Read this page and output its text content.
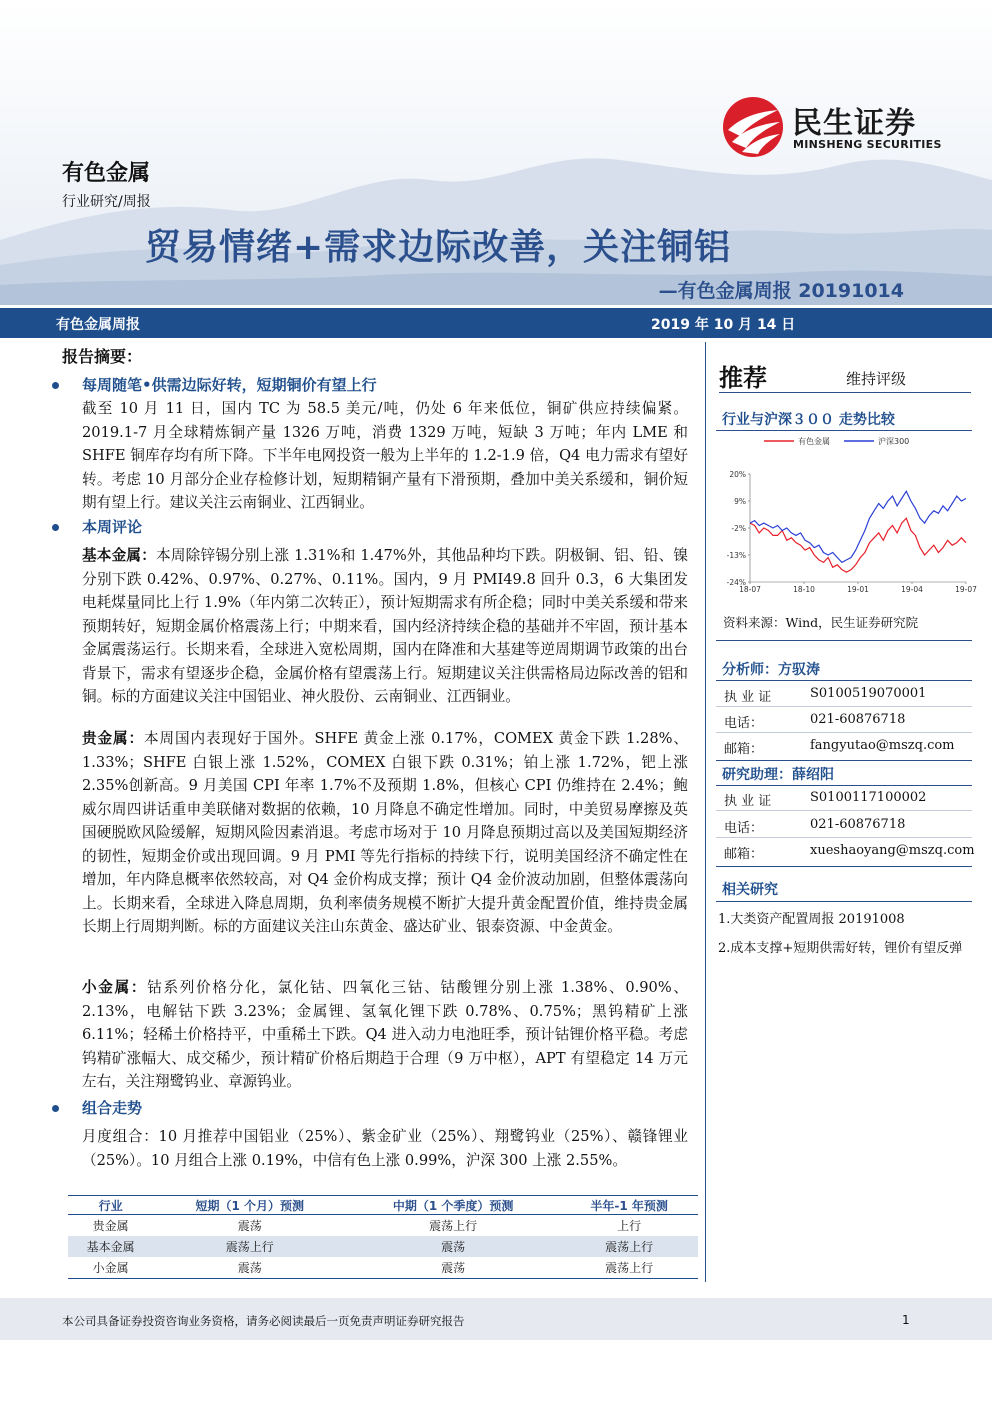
民生证券
MINSHENG SECURITIES
有色金属
行业研究/周报
贸易情绪+需求边际改善，关注铜铝
—有色金属周报 20191014
有色金属周报	2019 年 10 月 14 日
报告摘要：
每周随笔•供需边际好转，短期铜价有望上行
截至 10 月 11 日，国内 TC 为 58.5 美元/吨，仍处 6 年来低位，铜矿供应持续偏紧。2019.1-7 月全球精炼铜产量 1326 万吨，消费 1329 万吨，短缺 3 万吨；年内 LME 和 SHFE 铜库存均有所下降。下半年电网投资一般为上半年的 1.2-1.9 倍，Q4 电力需求有望好转。考虑 10 月部分企业存检修计划，短期精铜产量有下滑预期，叠加中美关系缓和，铜价短期有望上行。建议关注云南铜业、江西铜业。
本周评论
基本金属：本周除锌锡分别上涨 1.31%和 1.47%外，其他品种均下跌。阴极铜、铝、铅、镍分别下跌 0.42%、0.97%、0.27%、0.11%。国内，9 月 PMI49.8 回升 0.3，6 大集团发电耗煤量同比上行 1.9%（年内第二次转正），预计短期需求有所企稳；同时中美关系缓和带来预期转好，短期金属价格震荡上行；中期来看，国内经济持续企稳的基础并不牢固，预计基本金属震荡运行。长期来看，全球进入宽松周期，国内在降准和大基建等逆周期调节政策的出台背景下，需求有望逐步企稳，金属价格有望震荡上行。短期建议关注供需格局边际改善的铝和铜。标的方面建议关注中国铝业、神火股份、云南铜业、江西铜业。
贵金属：本周国内表现好于国外。SHFE 黄金上涨 0.17%，COMEX 黄金下跌 1.28%、1.33%；SHFE 白银上涨 1.52%，COMEX 白银下跌 0.31%；铂上涨 1.72%，钯上涨 2.35%创新高。9 月美国 CPI 年率 1.7%不及预期 1.8%，但核心 CPI 仍维持在 2.4%；鲍威尔周四讲话重申美联储对数据的依赖，10 月降息不确定性增加。同时，中美贸易摩擦及英国硬脱欧风险缓解，短期风险因素消退。考虑市场对于 10 月降息预期过高以及美国短期经济的韧性，短期金价或出现回调。9 月 PMI 等先行指标的持续下行，说明美国经济不确定性在增加，年内降息概率依然较高，对 Q4 金价构成支撑；预计 Q4 金价波动加剧，但整体震荡向上。长期来看，全球进入降息周期，负利率债务规模不断扩大提升黄金配置价值，维持贵金属长期上行周期判断。标的方面建议关注山东黄金、盛达矿业、银泰资源、中金黄金。
小金属：钴系列价格分化，氯化钴、四氧化三钴、钴酸锂分别上涨 1.38%、0.90%、2.13%，电解钴下跌 3.23%；金属锂、氢氧化锂下跌 0.78%、0.75%；黑钨精矿上涨 6.11%；轻稀土价格持平，中重稀土下跌。Q4 进入动力电池旺季，预计钴锂价格平稳。考虑钨精矿涨幅大、成交稀少，预计精矿价格后期趋于合理（9 万中枢），APT 有望稳定 14 万元左右，关注翔鹭钨业、章源钨业。
组合走势
月度组合：10 月推荐中国铝业（25%）、紫金矿业（25%）、翔鹭钨业（25%）、赣锋锂业（25%）。10 月组合上涨 0.19%，中信有色上涨 0.99%，沪深 300 上涨 2.55%。
行业	短期（1 个月）预测	中期（1 个季度）预测	半年-1 年预测
贵金属	震荡	震荡上行	上行
基本金属	震荡上行	震荡	震荡上行
小金属	震荡	震荡	震荡上行
推荐	维持评级
行业与沪深３００ 走势比较
有色金属	沪深300
20%
9%
-2%
-13%
-24%
18-07	18-10	19-01	19-04	19-07
资料来源：Wind，民生证券研究院
分析师：方驭涛
执 业 证	S0100519070001
电话：	021-60876718
邮箱：	fangyutao@mszq.com
研究助理：薛绍阳
执 业 证	S0100117100002
电话：	021-60876718
邮箱：	xueshaoyang@mszq.com
相关研究
1.大类资产配置周报 20191008
2.成本支撑+短期供需好转，锂价有望反弹
本公司具备证券投资咨询业务资格，请务必阅读最后一页免责声明证券研究报告	1
